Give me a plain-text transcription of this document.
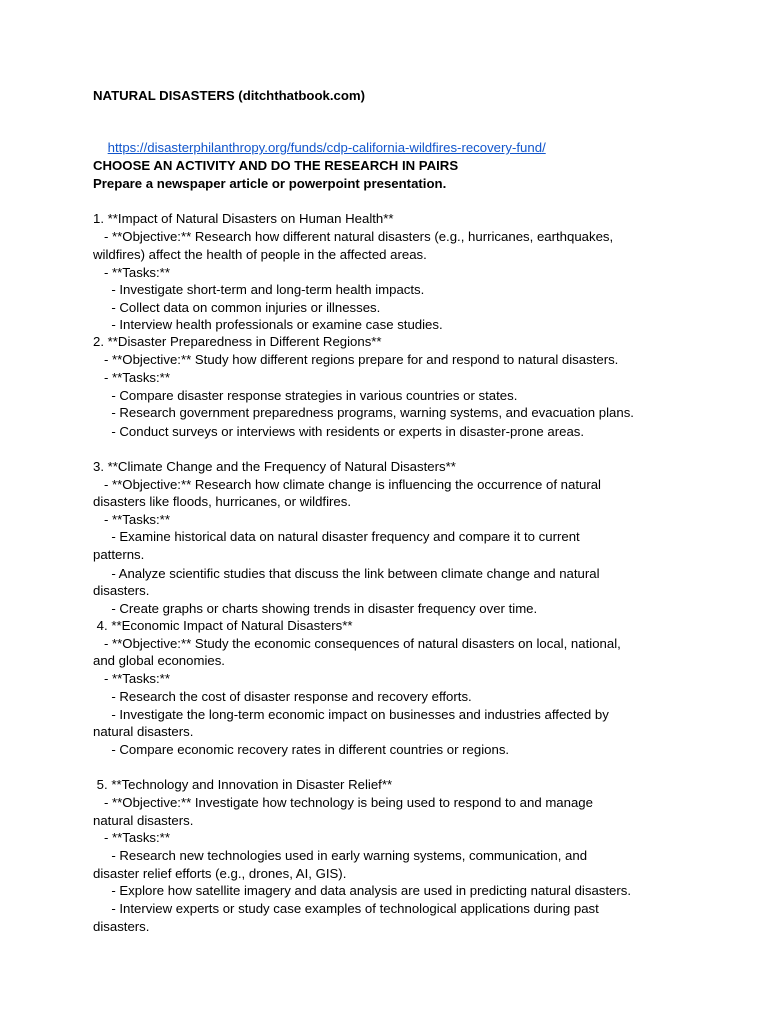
NATURAL DISASTERS (ditchthatbook.com)

https://disasterphilanthropy.org/funds/cdp-california-wildfires-recovery-fund/

CHOOSE AN ACTIVITY AND DO THE RESEARCH IN PAIRS
Prepare a newspaper article or powerpoint presentation.
1. **Impact of Natural Disasters on Human Health**
- **Objective:** Research how different natural disasters (e.g., hurricanes, earthquakes,
wildfires) affect the health of people in the affected areas.
- **Tasks:**
- Investigate short-term and long-term health impacts.
- Collect data on common injuries or illnesses.
- Interview health professionals or examine case studies.
2. **Disaster Preparedness in Different Regions**
- **Objective:** Study how different regions prepare for and respond to natural disasters.
- **Tasks:**
- Compare disaster response strategies in various countries or states.
- Research government preparedness programs, warning systems, and evacuation plans.
- Conduct surveys or interviews with residents or experts in disaster-prone areas.
3. **Climate Change and the Frequency of Natural Disasters**
- **Objective:** Research how climate change is influencing the occurrence of natural
disasters like floods, hurricanes, or wildfires.
- **Tasks:**
- Examine historical data on natural disaster frequency and compare it to current
patterns.
- Analyze scientific studies that discuss the link between climate change and natural
disasters.
- Create graphs or charts showing trends in disaster frequency over time.
4. **Economic Impact of Natural Disasters**
- **Objective:** Study the economic consequences of natural disasters on local, national,
and global economies.
- **Tasks:**
- Research the cost of disaster response and recovery efforts.
- Investigate the long-term economic impact on businesses and industries affected by
natural disasters.
- Compare economic recovery rates in different countries or regions.
5. **Technology and Innovation in Disaster Relief**
- **Objective:** Investigate how technology is being used to respond to and manage
natural disasters.
- **Tasks:**
- Research new technologies used in early warning systems, communication, and
disaster relief efforts (e.g., drones, AI, GIS).
- Explore how satellite imagery and data analysis are used in predicting natural disasters.
- Interview experts or study case examples of technological applications during past
disasters.
